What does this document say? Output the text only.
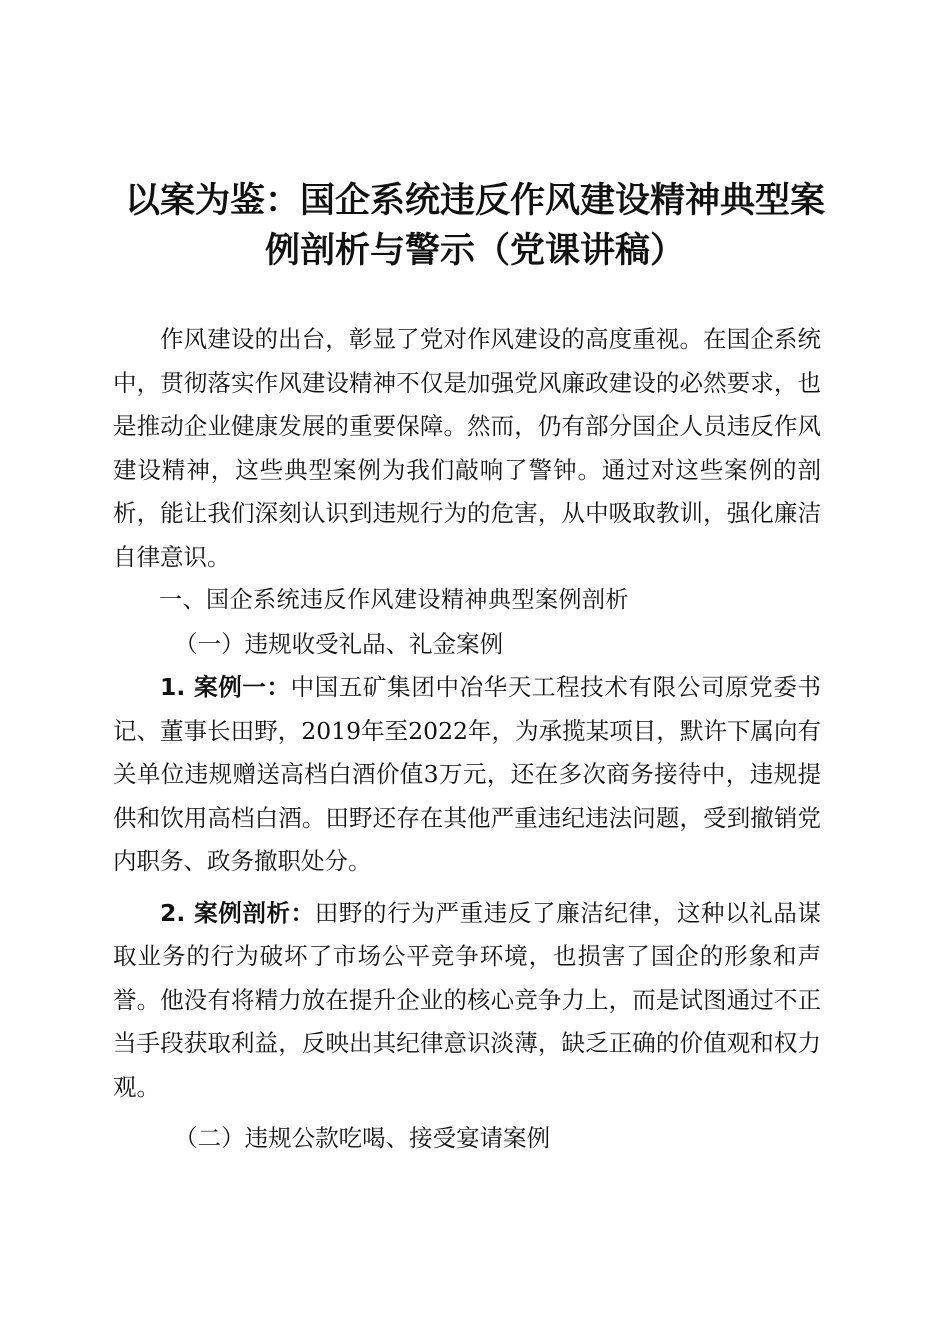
以案为鉴：国企系统违反作风建设精神典型案例剖析与警示（党课讲稿）

作风建设的出台，彰显了党对作风建设的高度重视。在国企系统中，贯彻落实作风建设精神不仅是加强党风廉政建设的必然要求，也是推动企业健康发展的重要保障。然而，仍有部分国企人员违反作风建设精神，这些典型案例为我们敲响了警钟。通过对这些案例的剖析，能让我们深刻认识到违规行为的危害，从中吸取教训，强化廉洁自律意识。

一、国企系统违反作风建设精神典型案例剖析

（一）违规收受礼品、礼金案例

1. 案例一：中国五矿集团中冶华天工程技术有限公司原党委书记、董事长田野，2019年至2022年，为承揽某项目，默许下属向有关单位违规赠送高档白酒价值3万元，还在多次商务接待中，违规提供和饮用高档白酒。田野还存在其他严重违纪违法问题，受到撤销党内职务、政务撤职处分。

2. 案例剖析：田野的行为严重违反了廉洁纪律，这种以礼品谋取业务的行为破坏了市场公平竞争环境，也损害了国企的形象和声誉。他没有将精力放在提升企业的核心竞争力上，而是试图通过不正当手段获取利益，反映出其纪律意识淡薄，缺乏正确的价值观和权力观。

（二）违规公款吃喝、接受宴请案例
